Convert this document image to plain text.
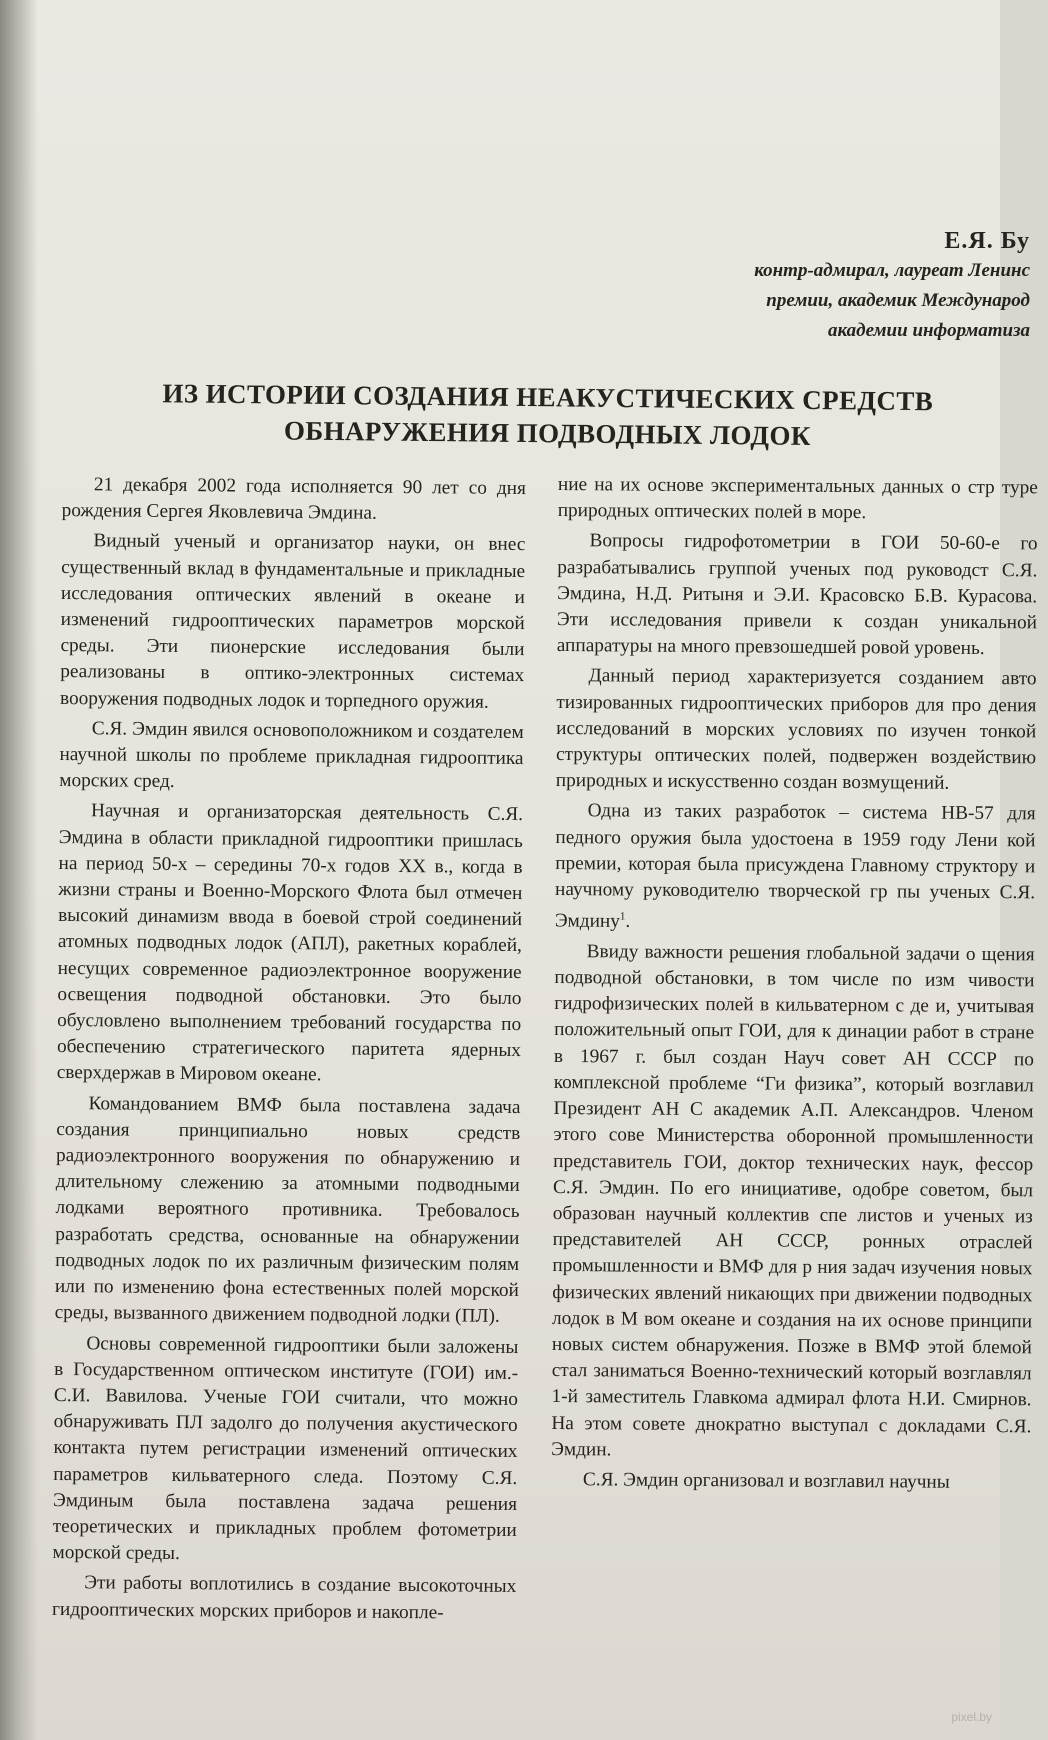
Е.Я. Бу
контр-адмирал, лауреат Ленинс
премии, академик Международ
академии информатиза
ИЗ ИСТОРИИ СОЗДАНИЯ НЕАКУСТИЧЕСКИХ СРЕДСТВ ОБНАРУЖЕНИЯ ПОДВОДНЫХ ЛОДОК

21 декабря 2002 года исполняется 90 лет со дня рождения Сергея Яковлевича Эмдина.

Видный ученый и организатор науки, он внес существенный вклад в фундаментальные и прикладные исследования оптических явлений в океане и изменений гидрооптических параметров морской среды. Эти пионерские исследования были реализованы в оптико-электронных системах вооружения подводных лодок и торпедного оружия.

С.Я. Эмдин явился основоположником и создателем научной школы по проблеме прикладная гидрооптика морских сред.

Научная и организаторская деятельность С.Я. Эмдина в области прикладной гидрооптики пришлась на период 50-х – середины 70-х годов XX в., когда в жизни страны и Военно-Морского Флота был отмечен высокий динамизм ввода в боевой строй соединений атомных подводных лодок (АПЛ), ракетных кораблей, несущих современное радиоэлектронное вооружение освещения подводной обстановки. Это было обусловлено выполнением требований государства по обеспечению стратегического паритета ядерных сверхдержав в Мировом океане.

Командованием ВМФ была поставлена задача создания принципиально новых средств радиоэлектронного вооружения по обнаружению и длительному слежению за атомными подводными лодками вероятного противника. Требовалось разработать средства, основанные на обнаружении подводных лодок по их различным физическим полям или по изменению фона естественных полей морской среды, вызванного движением подводной лодки (ПЛ).

Основы современной гидрооптики были заложены в Государственном оптическом институте (ГОИ) им.- С.И. Вавилова. Ученые ГОИ считали, что можно обнаруживать ПЛ задолго до получения акустического контакта путем регистрации изменений оптических параметров кильватерного следа. Поэтому С.Я. Эмдиным была поставлена задача решения теоретических и прикладных проблем фотометрии морской среды.

Эти работы воплотились в создание высокоточных гидрооптических морских приборов и накопле-

ние на их основе экспериментальных данных о стр туре природных оптических полей в море.

Вопросы гидрофотометрии в ГОИ 50-60-е го разрабатывались группой ученых под руководст С.Я. Эмдина, Н.Д. Ритыня и Э.И. Красовско Б.В. Курасова. Эти исследования привели к создан уникальной аппаратуры на много превзошедшей ровой уровень.

Данный период характеризуется созданием авто тизированных гидрооптических приборов для про дения исследований в морских условиях по изучен тонкой структуры оптических полей, подвержен воздействию природных и искусственно создан возмущений.

Одна из таких разработок – система НВ-57 для педного оружия была удостоена в 1959 году Лени кой премии, которая была присуждена Главному структору и научному руководителю творческой гр пы ученых С.Я. Эмдину$^1$.

Ввиду важности решения глобальной задачи о щения подводной обстановки, в том числе по изм чивости гидрофизических полей в кильватерном с де и, учитывая положительный опыт ГОИ, для к динации работ в стране в 1967 г. был создан Науч совет АН СССР по комплексной проблеме “Ги физика”, который возглавил Президент АН С академик А.П. Александров. Членом этого сове Министерства оборонной промышленности представитель ГОИ, доктор технических наук, фессор С.Я. Эмдин. По его инициативе, одобре советом, был образован научный коллектив спе листов и ученых из представителей АН СССР, ронных отраслей промышленности и ВМФ для р ния задач изучения новых физических явлений никающих при движении подводных лодок в М вом океане и создания на их основе принципи новых систем обнаружения. Позже в ВМФ этой блемой стал заниматься Военно-технический который возглавлял 1-й заместитель Главкома адмирал флота Н.И. Смирнов. На этом совете днократно выступал с докладами С.Я. Эмдин.

С.Я. Эмдин организовал и возглавил научны

pixel.by
